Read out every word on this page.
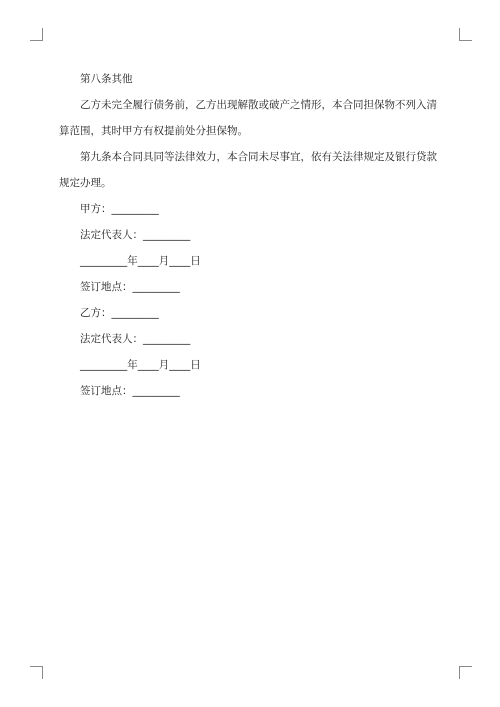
第八条其他

乙方未完全履行债务前，乙方出现解散或破产之情形，本合同担保物不列入清算范围，其时甲方有权提前处分担保物。

第九条本合同具同等法律效力，本合同未尽事宜，依有关法律规定及银行贷款规定办理。

甲方：_________

法定代表人：_________

_________年____月____日

签订地点：_________

乙方：_________

法定代表人：_________

_________年____月____日

签订地点：_________
